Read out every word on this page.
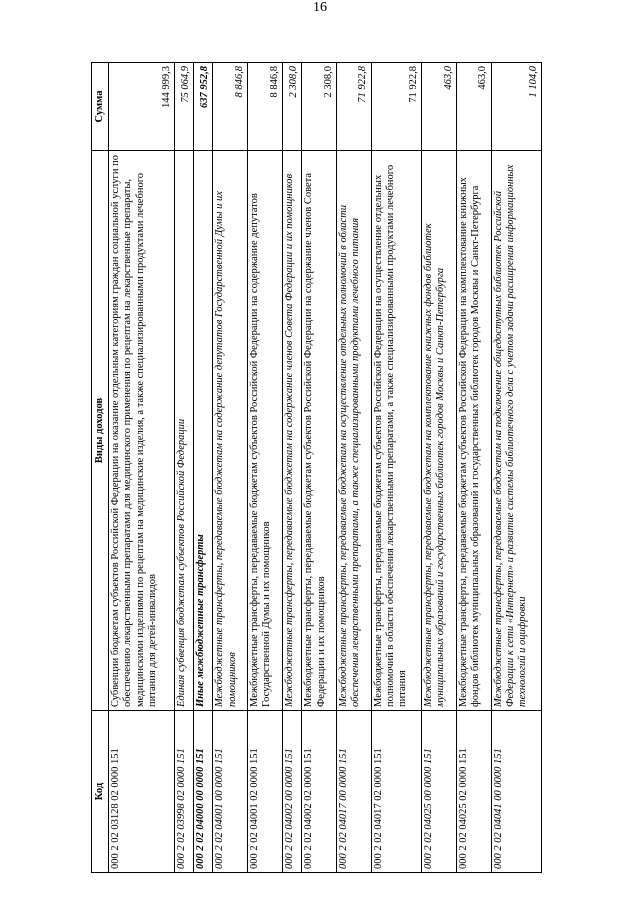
16
Код	Виды доходов	Сумма
000 2 02 03128 02 0000 151	Субвенции бюджетам субъектов Российской Федерации на оказание отдельным категориям граждан социальной услуги по обеспечению лекарственными препаратами для медицинского применения по рецептам на лекарственные препараты, медицинскими изделиями по рецептам на медицинские изделия, а также специализированными продуктами лечебного питания для детей-инвалидов	144 999,3
000 2 02 03998 02 0000 151	Единая субвенция бюджетам субъектов Российской Федерации	75 064,9
000 2 02 04000 00 0000 151	Иные межбюджетные трансферты	637 952,8
000 2 02 04001 00 0000 151	Межбюджетные трансферты, передаваемые бюджетам на содержание депутатов Государственной Думы и их помощников	8 846,8
000 2 02 04001 02 0000 151	Межбюджетные трансферты, передаваемые бюджетам субъектов Российской Федерации на содержание депутатов Государственной Думы и их помощников	8 846,8
000 2 02 04002 00 0000 151	Межбюджетные трансферты, передаваемые бюджетам на содержание членов Совета Федерации и их помощников	2 308,0
000 2 02 04002 02 0000 151	Межбюджетные трансферты, передаваемые бюджетам субъектов Российской Федерации на содержание членов Совета Федерации и их помощников	2 308,0
000 2 02 04017 00 0000 151	Межбюджетные трансферты, передаваемые бюджетам на осуществление отдельных полномочий в области обеспечения лекарственными препаратами, а также специализированными продуктами лечебного питания	71 922,8
000 2 02 04017 02 0000 151	Межбюджетные трансферты, передаваемые бюджетам субъектов Российской Федерации на осуществление отдельных полномочий в области обеспечения лекарственными препаратами, а также специализированными продуктами лечебного питания	71 922,8
000 2 02 04025 00 0000 151	Межбюджетные трансферты, передаваемые бюджетам на комплектование книжных фондов библиотек муниципальных образований и государственных библиотек городов Москвы и Санкт-Петербурга	463,0
000 2 02 04025 02 0000 151	Межбюджетные трансферты, передаваемые бюджетам субъектов Российской Федерации на комплектование книжных фондов библиотек муниципальных образований и государственных библиотек городов Москвы и Санкт-Петербурга	463,0
000 2 02 04041 00 0000 151	Межбюджетные трансферты, передаваемые бюджетам на подключение общедоступных библиотек Российской Федерации к сети «Интернет» и развитие системы библиотечного дела с учетом задачи расширения информационных технологий и оцифровки	1 104,0
